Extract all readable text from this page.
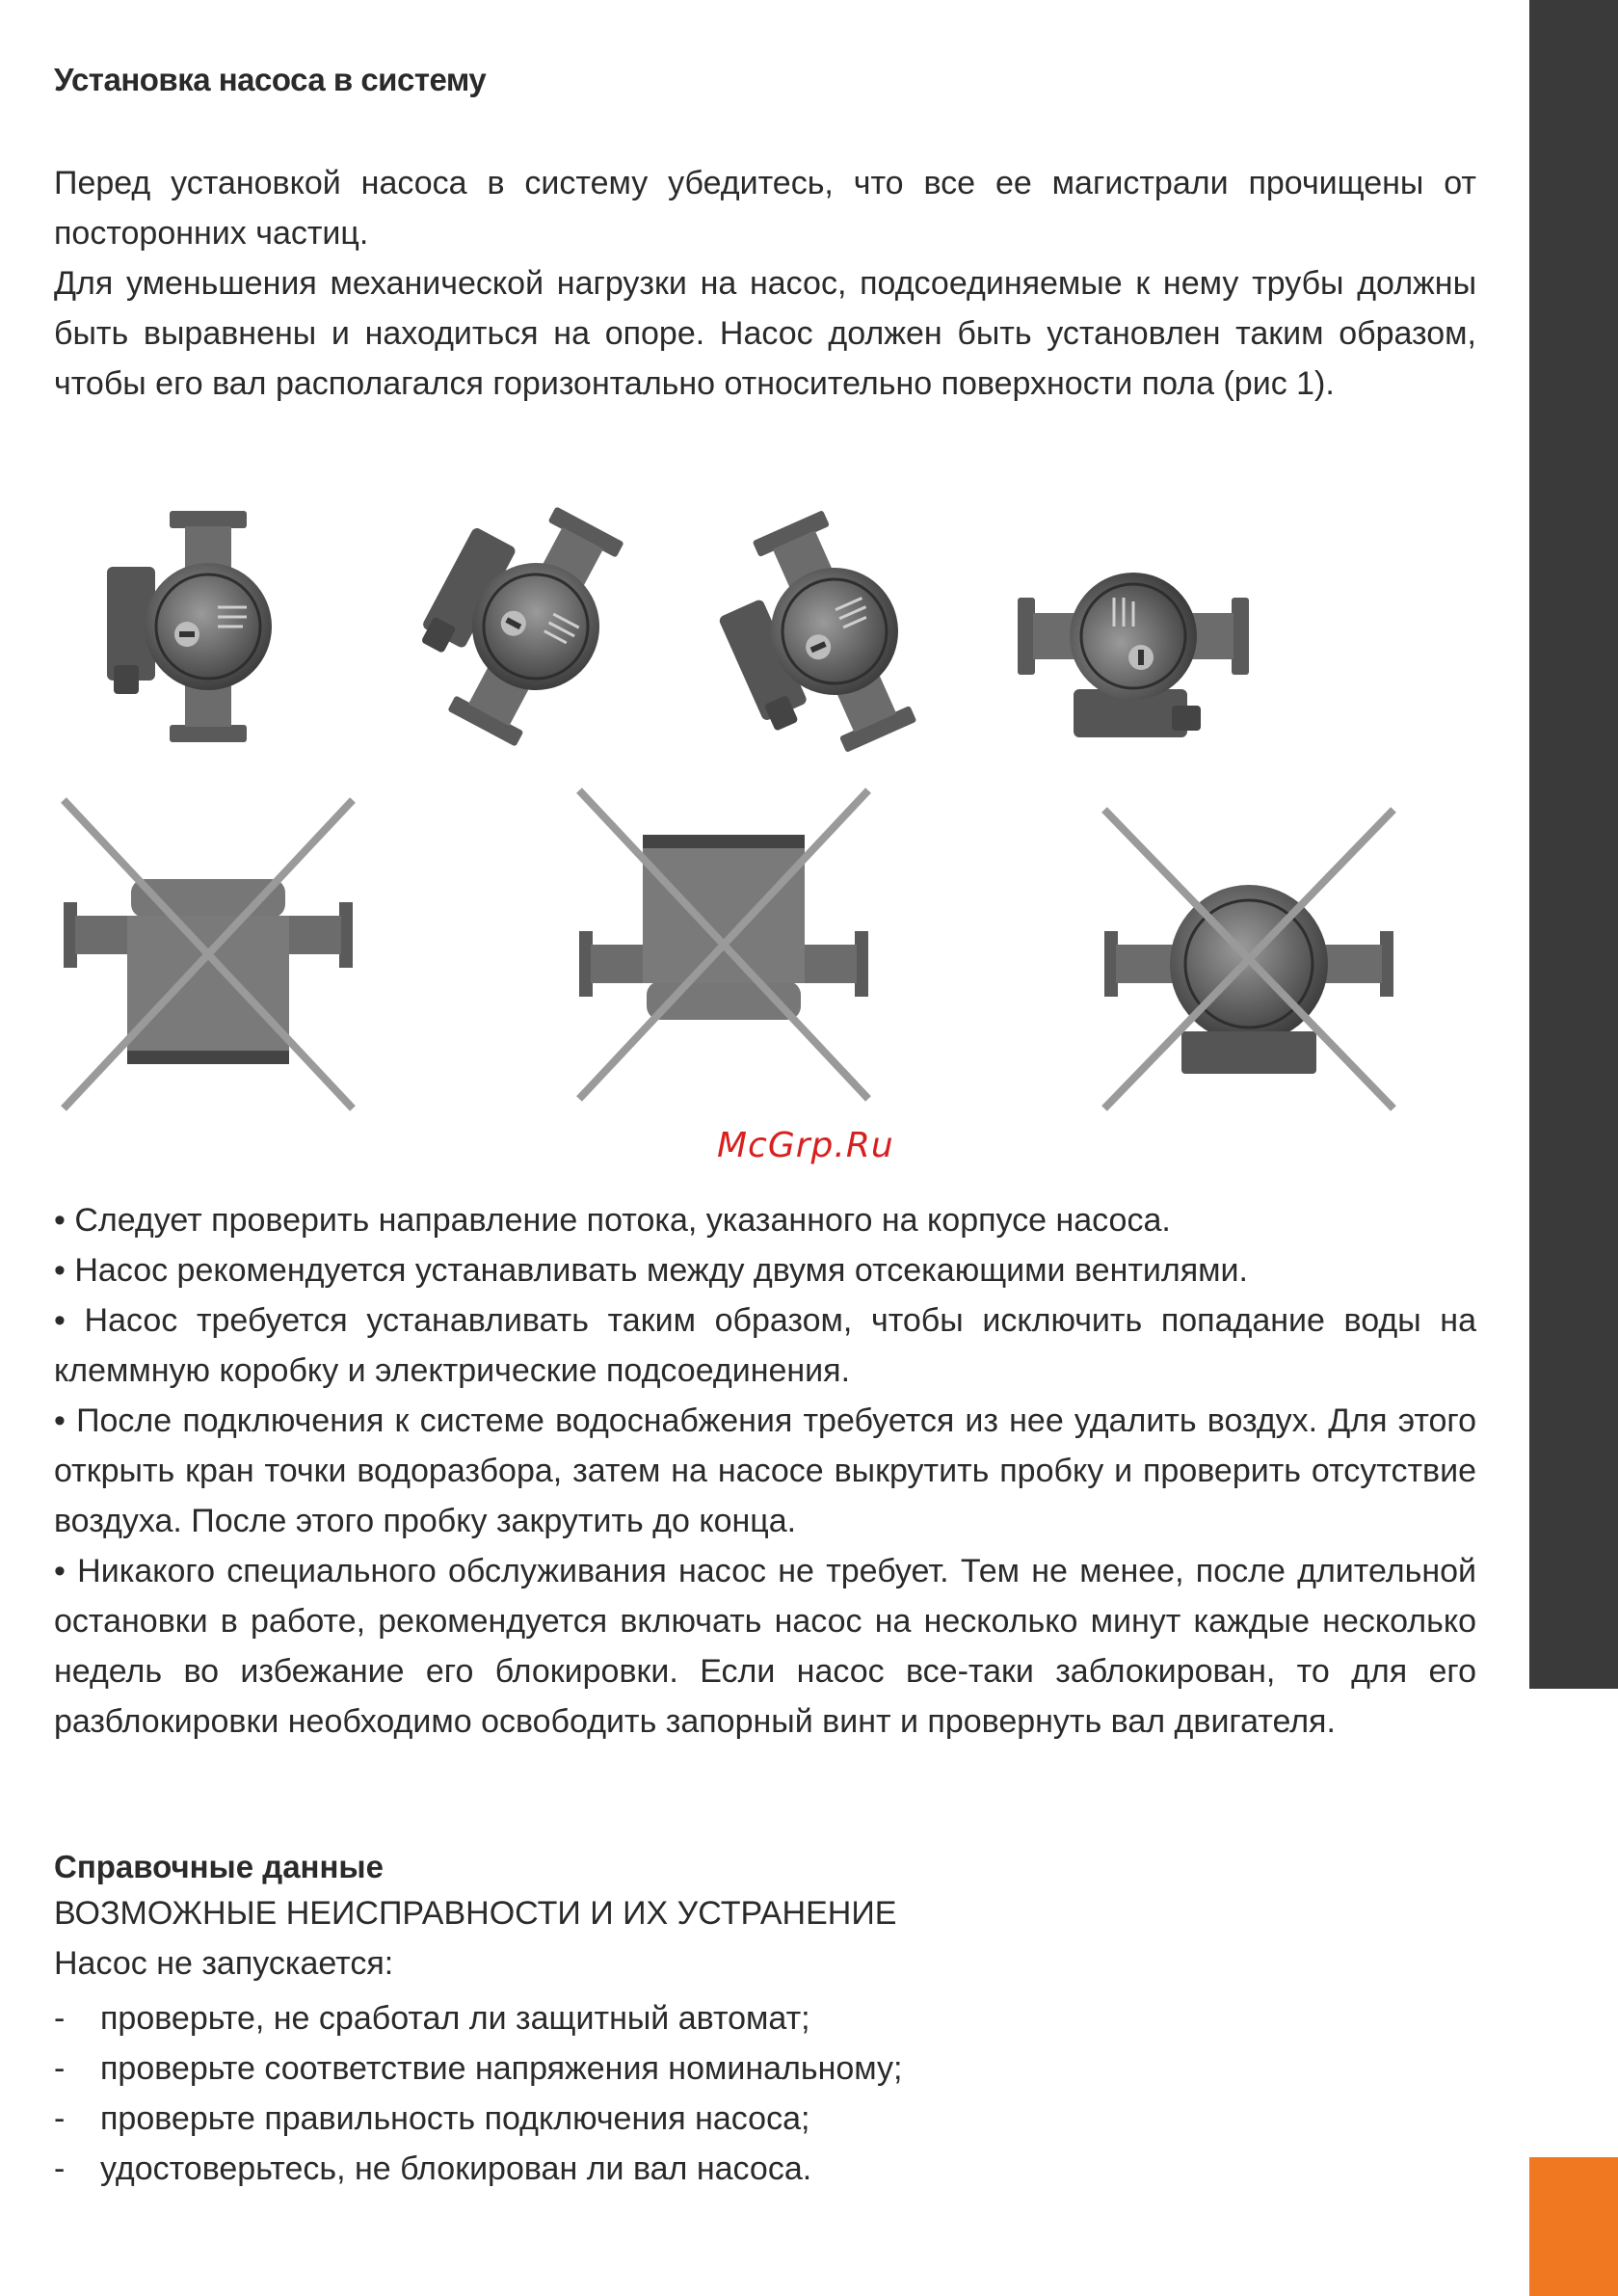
Установка насоса в систему
Перед установкой насоса в систему убедитесь, что все ее магистрали прочищены от посторонних частиц.
Для уменьшения механической нагрузки на насос, подсоединяемые к нему трубы должны быть выравнены и находиться на опоре. Насос должен быть установлен таким образом, чтобы его вал располагался горизонтально относительно поверхности пола (рис 1).
McGrp.Ru
• Следует проверить направление потока, указанного на корпусе насоса.
• Насос рекомендуется устанавливать между двумя отсекающими вентилями.
• Насос требуется устанавливать таким образом, чтобы исключить попадание воды на клеммную коробку и электрические подсоединения.
• После подключения к системе водоснабжения требуется из нее удалить воздух. Для этого открыть кран точки водоразбора, затем на насосе выкрутить пробку и проверить отсутствие воздуха. После этого пробку закрутить до конца.
• Никакого специального обслуживания насос не требует. Тем не менее, после длительной остановки в работе, рекомендуется включать насос на несколько минут каждые несколько недель во избежание его блокировки. Если насос все-таки заблокирован, то для его разблокировки необходимо освободить запорный винт и провернуть вал двигателя.
Справочные данные
ВОЗМОЖНЫЕ НЕИСПРАВНОСТИ И ИХ УСТРАНЕНИЕ
Насос не запускается:
-	проверьте, не сработал ли защитный автомат;
-	проверьте соответствие напряжения номинальному;
-	проверьте правильность подключения насоса;
-	удостоверьтесь, не блокирован ли вал насоса.
